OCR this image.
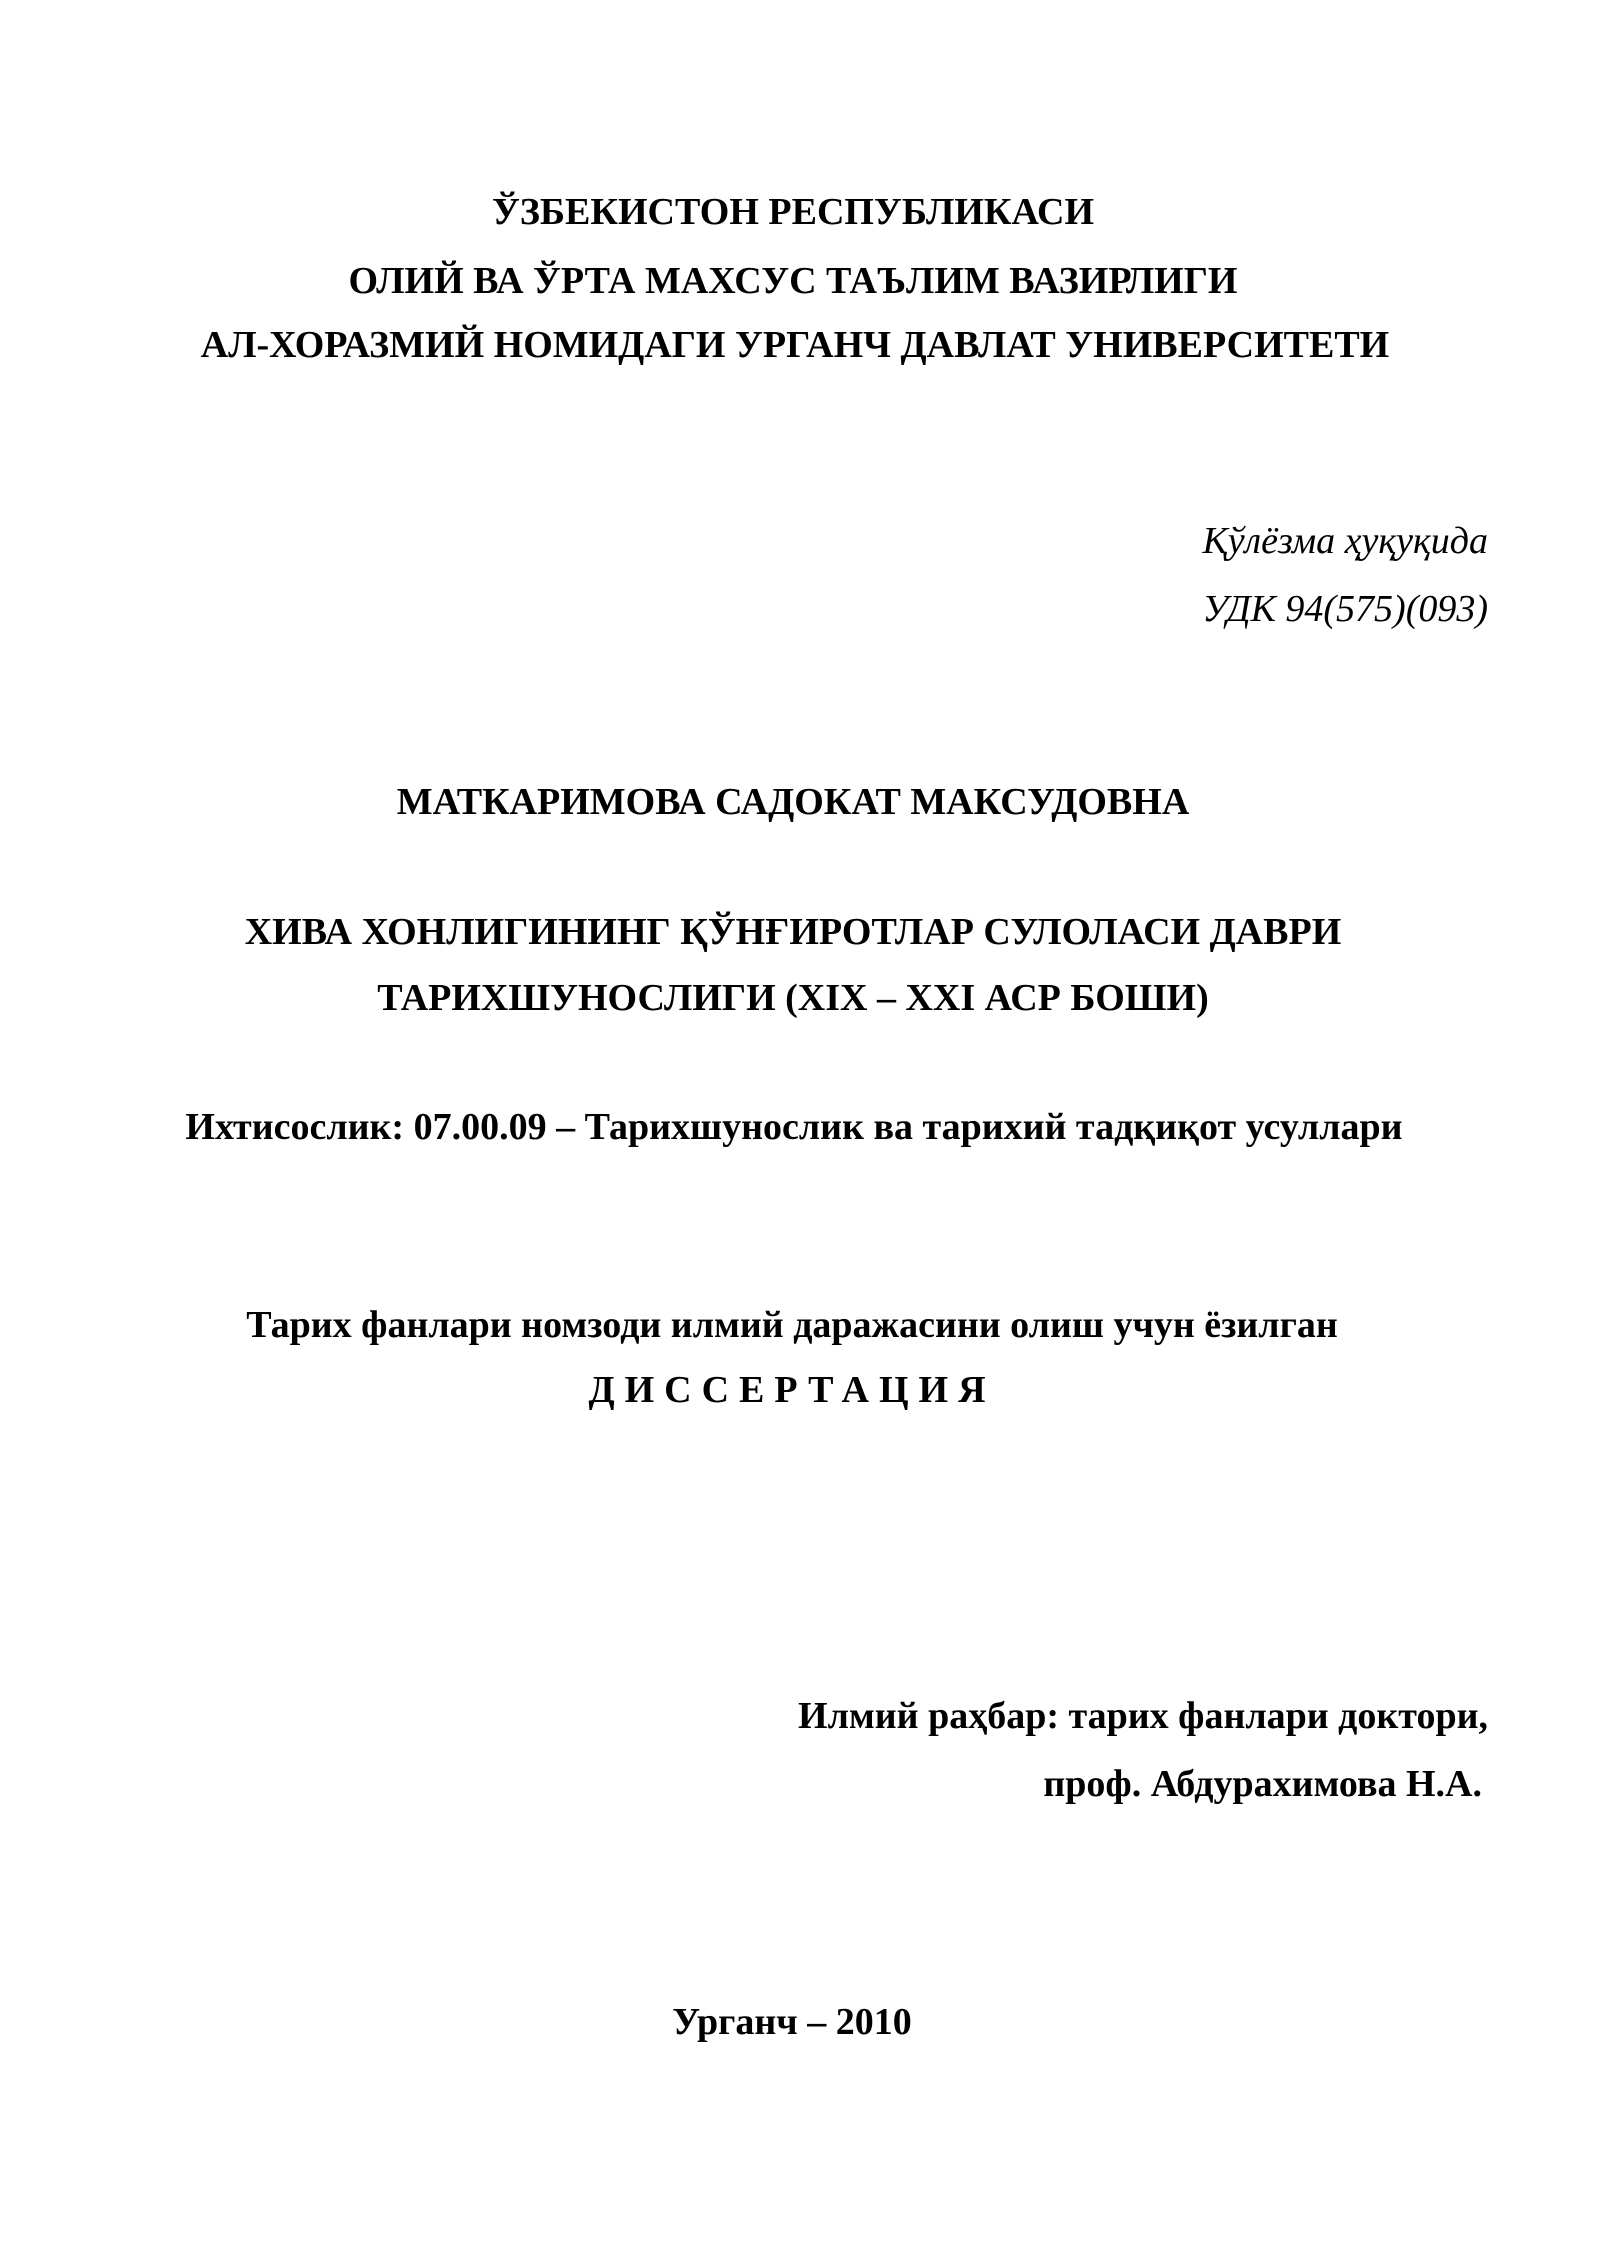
ЎЗБЕКИСТОН РЕСПУБЛИКАСИ
ОЛИЙ ВА ЎРТА МАХСУС ТАЪЛИМ ВАЗИРЛИГИ
АЛ-ХОРАЗМИЙ НОМИДАГИ УРГАНЧ ДАВЛАТ УНИВЕРСИТЕТИ
Қўлёзма ҳуқуқида
УДК 94(575)(093)
МАТКАРИМОВА САДОКАТ МАКСУДОВНА
ХИВА ХОНЛИГИНИНГ ҚЎНҒИРОТЛАР СУЛОЛАСИ ДАВРИ
ТАРИХШУНОСЛИГИ (XIX – XXI АСР БОШИ)
Ихтисослик: 07.00.09 – Тарихшунослик ва тарихий тадқиқот усуллари
Тарих фанлари номзоди илмий даражасини олиш учун ёзилган
ДИССЕРТАЦИЯ
Илмий раҳбар: тарих фанлари доктори,
проф. Абдурахимова Н.А.
Урганч – 2010
